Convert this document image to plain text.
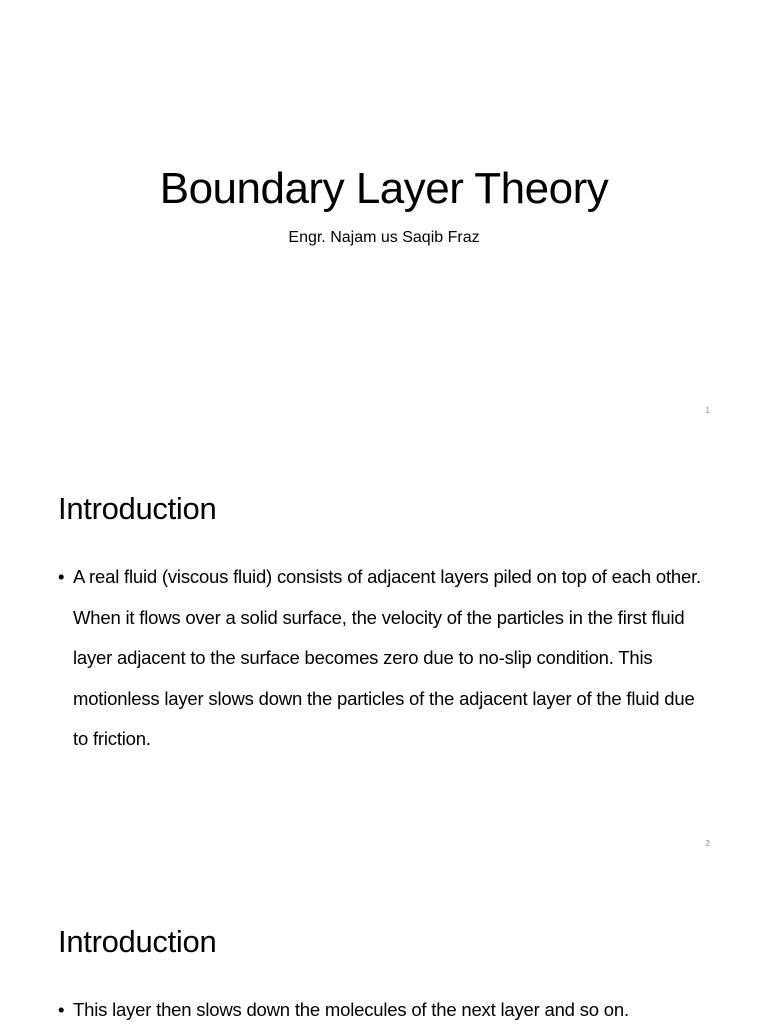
Boundary Layer Theory
Engr. Najam us Saqib Fraz
1
Introduction
• A real fluid (viscous fluid) consists of adjacent layers piled on top of each other. When it flows over a solid surface, the velocity of the particles in the first fluid layer adjacent to the surface becomes zero due to no-slip condition. This motionless layer slows down the particles of the adjacent layer of the fluid due to friction.
2
Introduction
• This layer then slows down the molecules of the next layer and so on.
